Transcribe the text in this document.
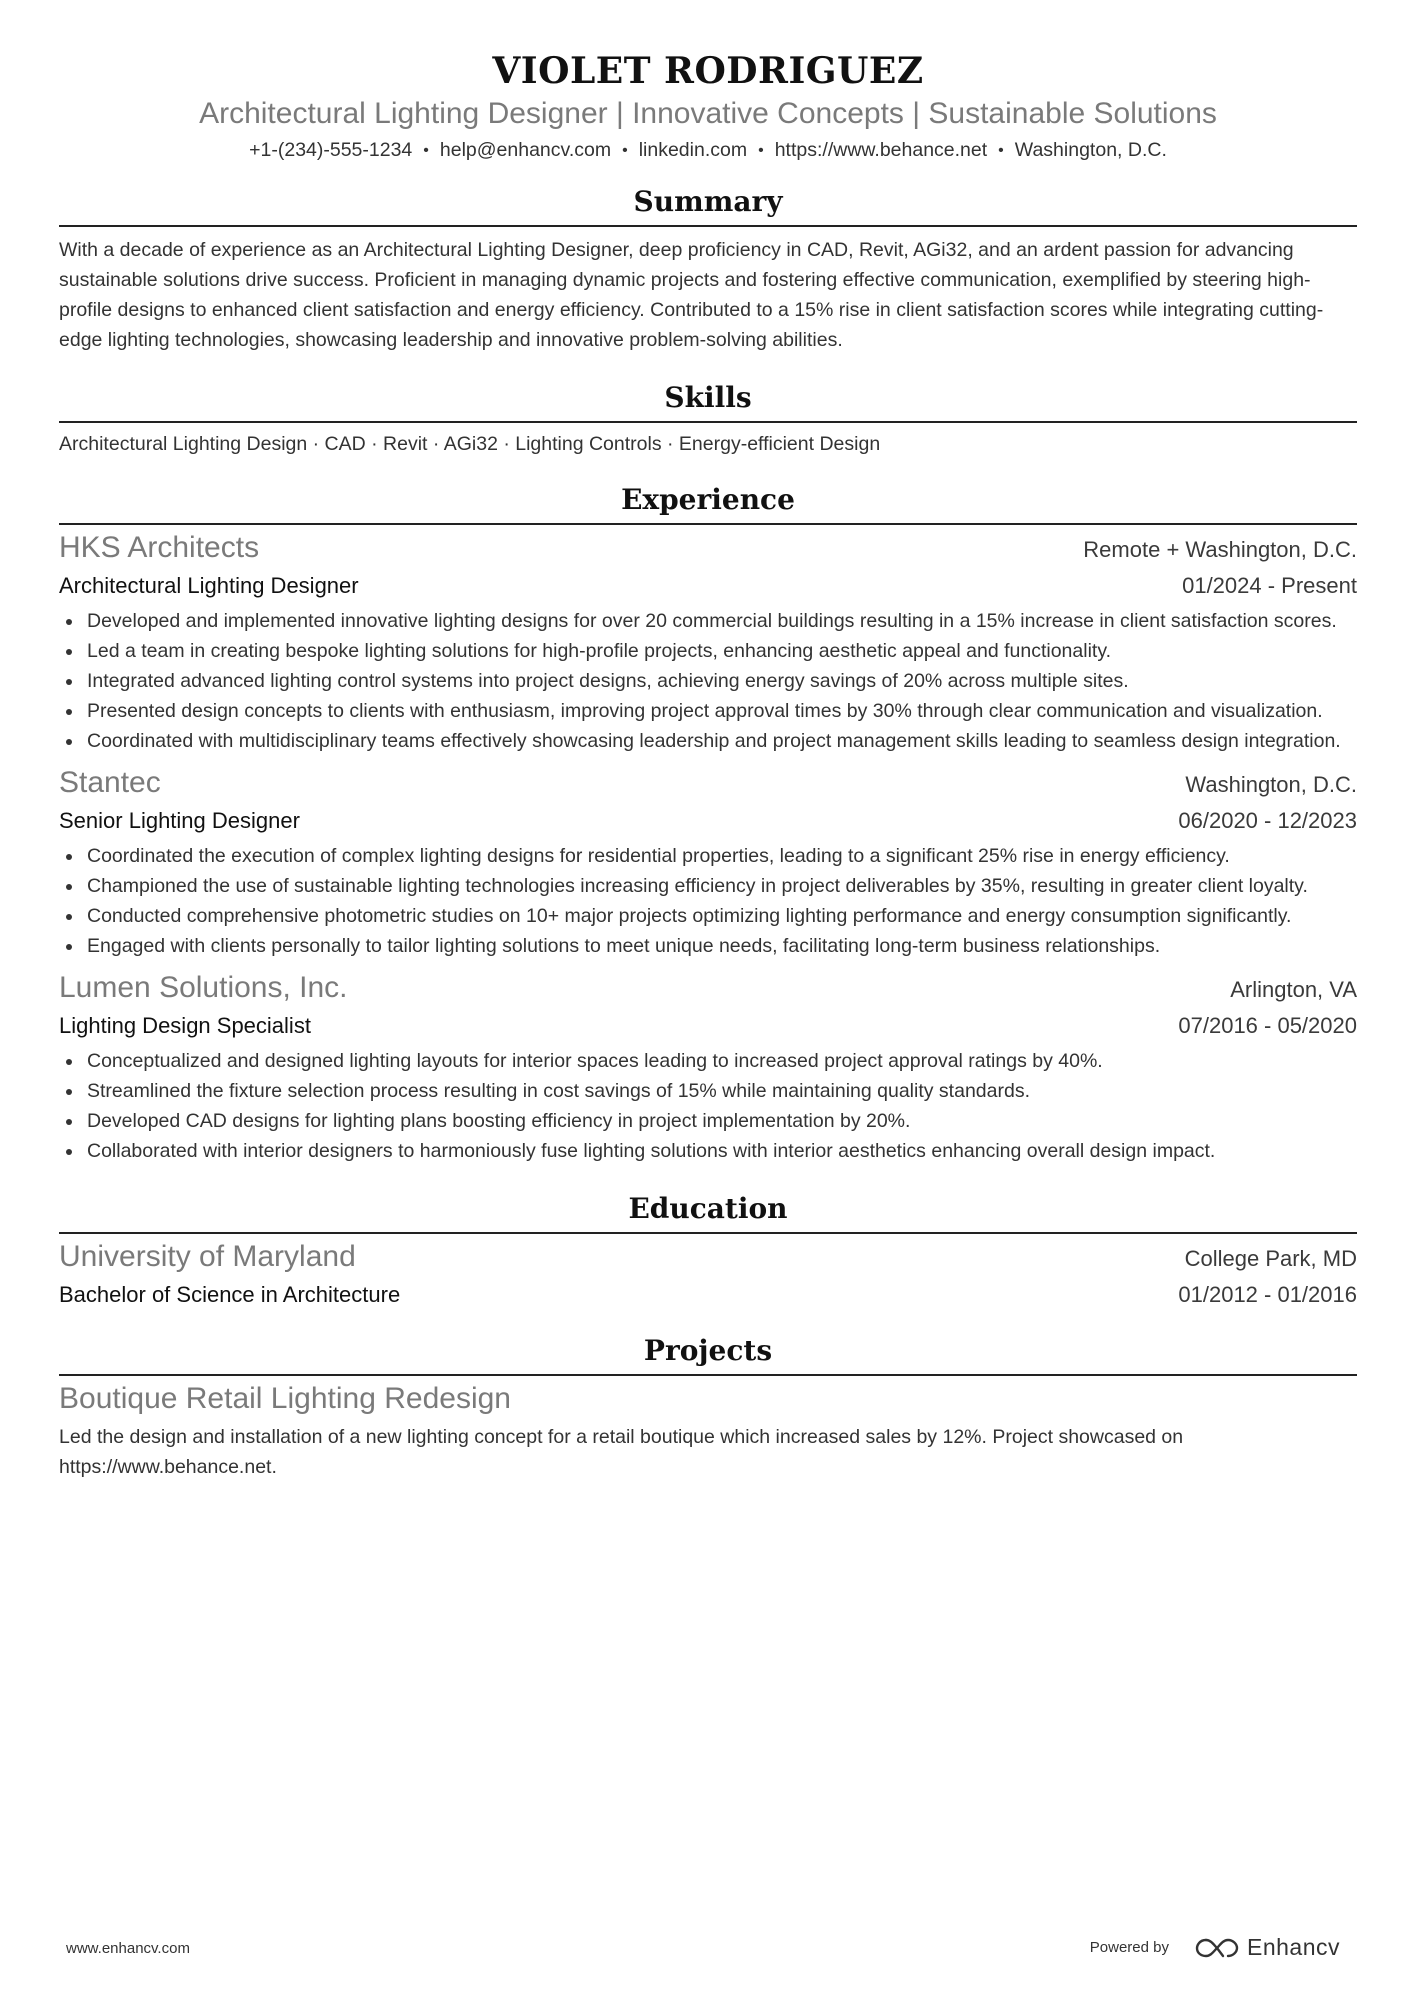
VIOLET RODRIGUEZ
Architectural Lighting Designer | Innovative Concepts | Sustainable Solutions
+1-(234)-555-1234 • help@enhancv.com • linkedin.com • https://www.behance.net • Washington, D.C.
Summary
With a decade of experience as an Architectural Lighting Designer, deep proficiency in CAD, Revit, AGi32, and an ardent passion for advancing sustainable solutions drive success. Proficient in managing dynamic projects and fostering effective communication, exemplified by steering high-profile designs to enhanced client satisfaction and energy efficiency. Contributed to a 15% rise in client satisfaction scores while integrating cutting-edge lighting technologies, showcasing leadership and innovative problem-solving abilities.
Skills
Architectural Lighting Design · CAD · Revit · AGi32 · Lighting Controls · Energy-efficient Design
Experience
HKS Architects	Remote + Washington, D.C.
Architectural Lighting Designer	01/2024 - Present
Developed and implemented innovative lighting designs for over 20 commercial buildings resulting in a 15% increase in client satisfaction scores.
Led a team in creating bespoke lighting solutions for high-profile projects, enhancing aesthetic appeal and functionality.
Integrated advanced lighting control systems into project designs, achieving energy savings of 20% across multiple sites.
Presented design concepts to clients with enthusiasm, improving project approval times by 30% through clear communication and visualization.
Coordinated with multidisciplinary teams effectively showcasing leadership and project management skills leading to seamless design integration.
Stantec	Washington, D.C.
Senior Lighting Designer	06/2020 - 12/2023
Coordinated the execution of complex lighting designs for residential properties, leading to a significant 25% rise in energy efficiency.
Championed the use of sustainable lighting technologies increasing efficiency in project deliverables by 35%, resulting in greater client loyalty.
Conducted comprehensive photometric studies on 10+ major projects optimizing lighting performance and energy consumption significantly.
Engaged with clients personally to tailor lighting solutions to meet unique needs, facilitating long-term business relationships.
Lumen Solutions, Inc.	Arlington, VA
Lighting Design Specialist	07/2016 - 05/2020
Conceptualized and designed lighting layouts for interior spaces leading to increased project approval ratings by 40%.
Streamlined the fixture selection process resulting in cost savings of 15% while maintaining quality standards.
Developed CAD designs for lighting plans boosting efficiency in project implementation by 20%.
Collaborated with interior designers to harmoniously fuse lighting solutions with interior aesthetics enhancing overall design impact.
Education
University of Maryland	College Park, MD
Bachelor of Science in Architecture	01/2012 - 01/2016
Projects
Boutique Retail Lighting Redesign
Led the design and installation of a new lighting concept for a retail boutique which increased sales by 12%. Project showcased on https://www.behance.net.
www.enhancv.com	Powered by	Enhancv
